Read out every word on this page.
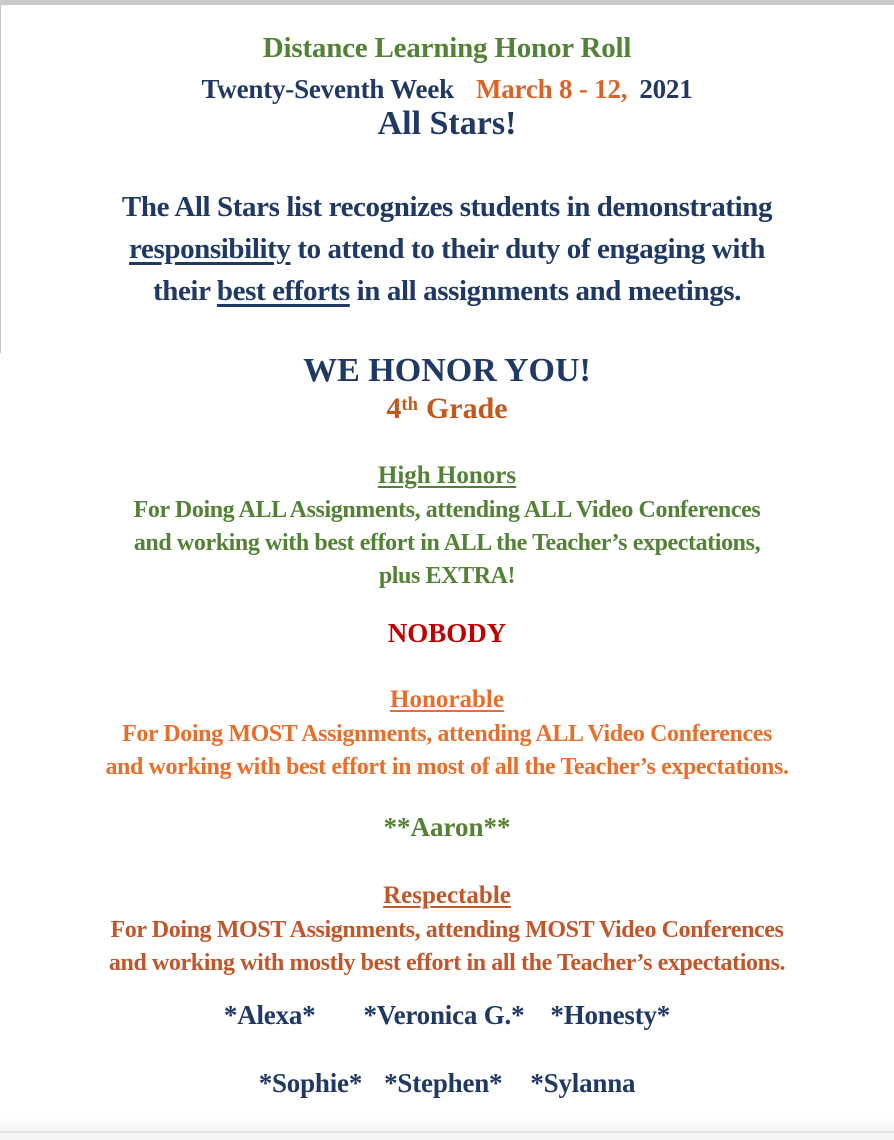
Distance Learning Honor Roll
Twenty-Seventh Week March 8 - 12, 2021
All Stars!
The All Stars list recognizes students in demonstrating
responsibility to attend to their duty of engaging with
their best efforts in all assignments and meetings.
WE HONOR YOU!
4th Grade
High Honors
For Doing ALL Assignments, attending ALL Video Conferences
and working with best effort in ALL the Teacher’s expectations,
plus EXTRA!
NOBODY
Honorable
For Doing MOST Assignments, attending ALL Video Conferences
and working with best effort in most of all the Teacher’s expectations.
**Aaron**
Respectable
For Doing MOST Assignments, attending MOST Video Conferences
and working with mostly best effort in all the Teacher’s expectations.
*Alexa* *Veronica G.* *Honesty*
*Sophie* *Stephen* *Sylanna
